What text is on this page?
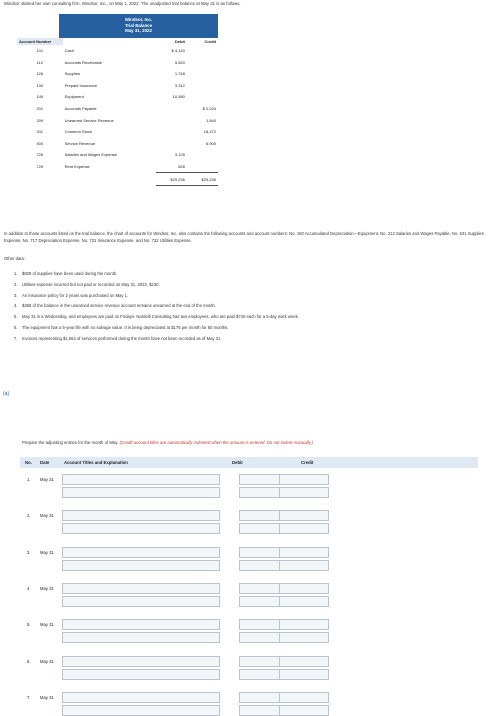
Windsor started her own consulting firm, Windsor, Inc., on May 1, 2022. The unadjusted trial balance at May 31 is as follows.
Windsor, Inc.
Trial Balance
May 31, 2022
Account Number		Debit	Credit
101	Cash	$ 4,140	
112	Accounts Receivable	5,520	
126	Supplies	1,748	
130	Prepaid Insurance	3,312	
149	Equipment	10,560	
201	Accounts Payable		$ 2,024
209	Unearned Service Revenue		1,840
311	Common Stock		18,472
400	Service Revenue		6,900
726	Salaries and Wages Expense	3,128	
729	Rent Expense	828	
		$29,236	$29,236
In addition to those accounts listed on the trial balance, the chart of accounts for Windsor, Inc. also contains the following accounts and account numbers: No. 150 Accumulated Depreciation—Equipment, No. 212 Salaries and Wages Payable, No. 631 Supplies Expense, No. 717 Depreciation Expense, No. 722 Insurance Expense, and No. 732 Utilities Expense.
Other data:
1.	$828 of supplies have been used during the month.
2.	Utilities expense incurred but not paid or recorded on May 31, 2022, $230.
3.	An insurance policy for 2 years was purchased on May 1.
4.	$368 of the balance in the unearned service revenue account remains unearned at the end of the month.
5.	May 31 is a Wednesday, and employees are paid on Fridays. Nardelli Consulting has two employees, who are paid $740 each for a 5-day work week.
6.	The equipment has a 5-year life with no salvage value. It is being depreciated at $176 per month for 60 months.
7.	Invoices representing $1,564 of services performed during the month have not been recorded as of May 31.
(a)
Prepare the adjusting entries for the month of May. (Credit account titles are automatically indented when the amount is entered. Do not indent manually.)
No. Date	Account Titles and Explanation	Debit	Credit
1. May 31
2. May 31
3. May 31
4. May 31
5. May 31
6. May 31
7. May 31
